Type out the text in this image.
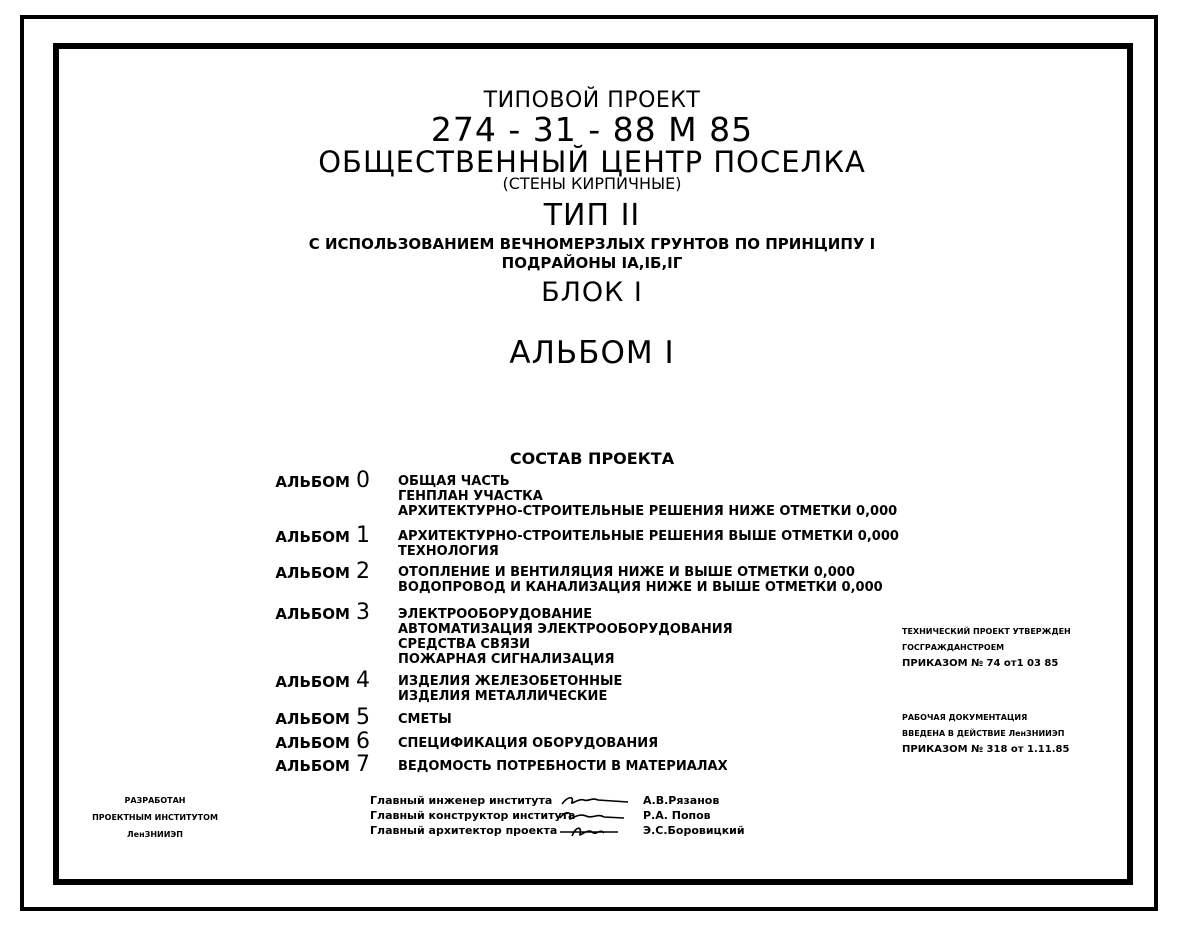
ТИПОВОЙ ПРОЕКТ
274 - 31 - 88 М 85
ОБЩЕСТВЕННЫЙ ЦЕНТР ПОСЕЛКА
(СТЕНЫ КИРПИЧНЫЕ)
ТИП II
С ИСПОЛЬЗОВАНИЕМ ВЕЧНОМЕРЗЛЫХ ГРУНТОВ ПО ПРИНЦИПУ I
ПОДРАЙОНЫ IА,IБ,IГ
БЛОК I
АЛЬБОМ I
СОСТАВ ПРОЕКТА
АЛЬБОМ 0 ОБЩАЯ ЧАСТЬ
ГЕНПЛАН УЧАСТКА
АРХИТЕКТУРНО-СТРОИТЕЛЬНЫЕ РЕШЕНИЯ НИЖЕ ОТМЕТКИ 0,000
АЛЬБОМ 1 АРХИТЕКТУРНО-СТРОИТЕЛЬНЫЕ РЕШЕНИЯ ВЫШЕ ОТМЕТКИ 0,000
ТЕХНОЛОГИЯ
АЛЬБОМ 2 ОТОПЛЕНИЕ И ВЕНТИЛЯЦИЯ НИЖЕ И ВЫШЕ ОТМЕТКИ 0,000
ВОДОПРОВОД И КАНАЛИЗАЦИЯ НИЖЕ И ВЫШЕ ОТМЕТКИ 0,000
АЛЬБОМ 3 ЭЛЕКТРООБОРУДОВАНИЕ
АВТОМАТИЗАЦИЯ ЭЛЕКТРООБОРУДОВАНИЯ
СРЕДСТВА СВЯЗИ
ПОЖАРНАЯ СИГНАЛИЗАЦИЯ
АЛЬБОМ 4 ИЗДЕЛИЯ ЖЕЛЕЗОБЕТОННЫЕ
ИЗДЕЛИЯ МЕТАЛЛИЧЕСКИЕ
АЛЬБОМ 5 СМЕТЫ
АЛЬБОМ 6 СПЕЦИФИКАЦИЯ ОБОРУДОВАНИЯ
АЛЬБОМ 7 ВЕДОМОСТЬ ПОТРЕБНОСТИ В МАТЕРИАЛАХ
ТЕХНИЧЕСКИЙ ПРОЕКТ УТВЕРЖДЕН
ГОСГРАЖДАНСТРОЕМ
ПРИКАЗОМ № 74 от1 03 85
РАБОЧАЯ ДОКУМЕНТАЦИЯ
ВВЕДЕНА В ДЕЙСТВИЕ ЛенЗНИИЭП
ПРИКАЗОМ № 318 от 1.11.85
РАЗРАБОТАН
ПРОЕКТНЫМ ИНСТИТУТОМ
ЛенЗНИИЭП
Главный инженер института	А.В.Рязанов
Главный конструктор института	Р.А. Попов
Главный архитектор проекта	Э.С.Боровицкий
